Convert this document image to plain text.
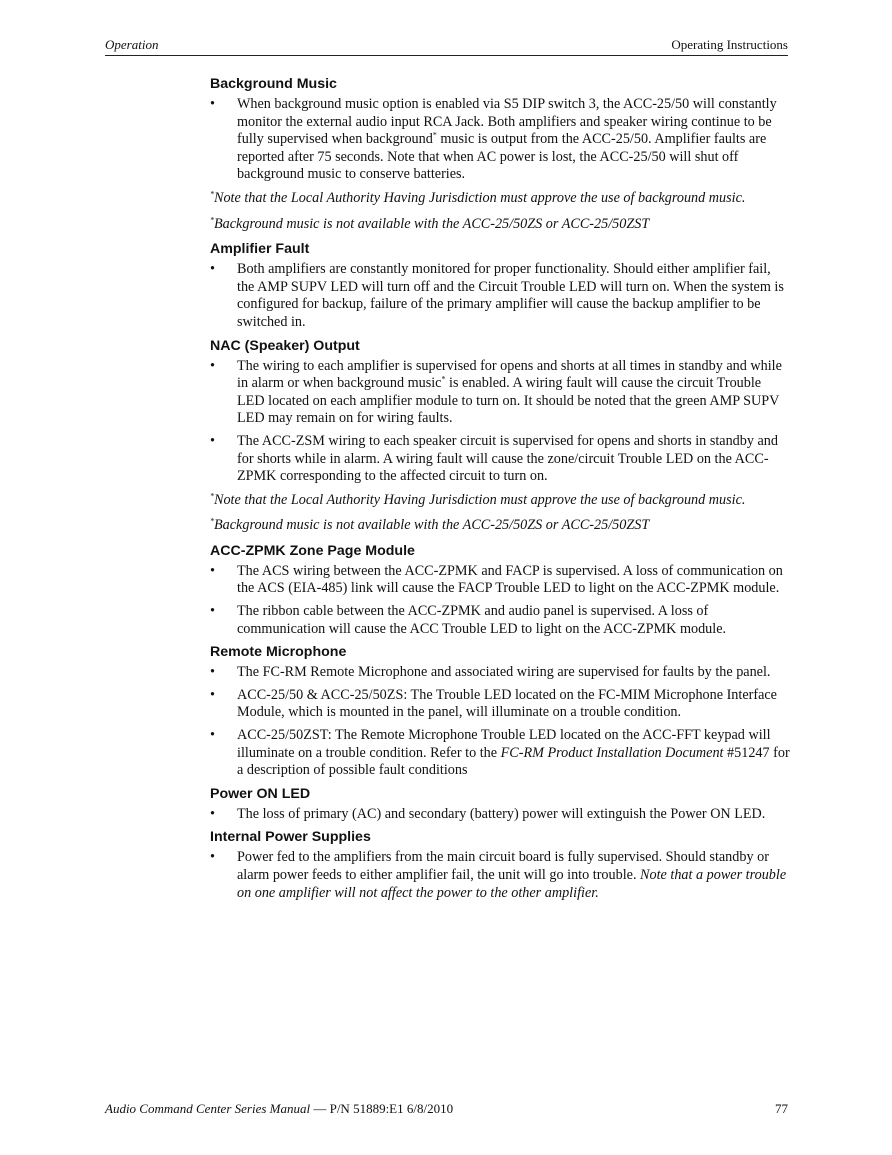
Operation	Operating Instructions
Background Music
• When background music option is enabled via S5 DIP switch 3, the ACC-25/50 will constantly monitor the external audio input RCA Jack. Both amplifiers and speaker wiring continue to be fully supervised when background* music is output from the ACC-25/50. Amplifier faults are reported after 75 seconds. Note that when AC power is lost, the ACC-25/50 will shut off background music to conserve batteries.
*Note that the Local Authority Having Jurisdiction must approve the use of background music.
*Background music is not available with the ACC-25/50ZS or ACC-25/50ZST
Amplifier Fault
• Both amplifiers are constantly monitored for proper functionality. Should either amplifier fail, the AMP SUPV LED will turn off and the Circuit Trouble LED will turn on. When the system is configured for backup, failure of the primary amplifier will cause the backup amplifier to be switched in.
NAC (Speaker) Output
• The wiring to each amplifier is supervised for opens and shorts at all times in standby and while in alarm or when background music* is enabled. A wiring fault will cause the circuit Trouble LED located on each amplifier module to turn on. It should be noted that the green AMP SUPV LED may remain on for wiring faults.
• The ACC-ZSM wiring to each speaker circuit is supervised for opens and shorts in standby and for shorts while in alarm. A wiring fault will cause the zone/circuit Trouble LED on the ACC-ZPMK corresponding to the affected circuit to turn on.
*Note that the Local Authority Having Jurisdiction must approve the use of background music.
*Background music is not available with the ACC-25/50ZS or ACC-25/50ZST
ACC-ZPMK Zone Page Module
• The ACS wiring between the ACC-ZPMK and FACP is supervised. A loss of communication on the ACS (EIA-485) link will cause the FACP Trouble LED to light on the ACC-ZPMK module.
• The ribbon cable between the ACC-ZPMK and audio panel is supervised. A loss of communication will cause the ACC Trouble LED to light on the ACC-ZPMK module.
Remote Microphone
• The FC-RM Remote Microphone and associated wiring are supervised for faults by the panel.
• ACC-25/50 & ACC-25/50ZS: The Trouble LED located on the FC-MIM Microphone Interface Module, which is mounted in the panel, will illuminate on a trouble condition.
• ACC-25/50ZST: The Remote Microphone Trouble LED located on the ACC-FFT keypad will illuminate on a trouble condition. Refer to the FC-RM Product Installation Document #51247 for a description of possible fault conditions
Power ON LED
• The loss of primary (AC) and secondary (battery) power will extinguish the Power ON LED.
Internal Power Supplies
• Power fed to the amplifiers from the main circuit board is fully supervised. Should standby or alarm power feeds to either amplifier fail, the unit will go into trouble. Note that a power trouble on one amplifier will not affect the power to the other amplifier.
Audio Command Center Series Manual — P/N 51889:E1 6/8/2010	77
